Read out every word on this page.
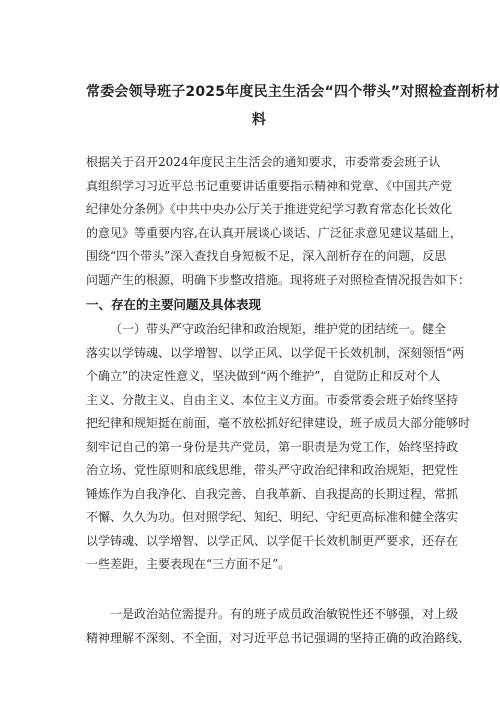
常委会领导班子2025年度民主生活会“四个带头”对照检查剖析材
料
根据关于召开2024年度民主生活会的通知要求，市委常委会班子认
真组织学习习近平总书记重要讲话重要指示精神和党章、《中国共产党
纪律处分条例》《中共中央办公厅关于推进党纪学习教育常态化长效化
的意见》等重要内容,在认真开展谈心谈话、广泛征求意见建议基础上，
围绕“四个带头”深入查找自身短板不足，深入剖析存在的问题，反思
问题产生的根源，明确下步整改措施。现将班子对照检查情况报告如下：
一、存在的主要问题及具体表现
（一）带头严守政治纪律和政治规矩，维护党的团结统一。健全
落实以学铸魂、以学增智、以学正风、以学促干长效机制，深刻领悟“两
个确立”的决定性意义，坚决做到“两个维护”，自觉防止和反对个人
主义、分散主义、自由主义、本位主义方面。市委常委会班子始终坚持
把纪律和规矩挺在前面，毫不放松抓好纪律建设，班子成员大部分能够时
刻牢记自己的第一身份是共产党员，第一职责是为党工作，始终坚持政
治立场、党性原则和底线思维，带头严守政治纪律和政治规矩，把党性
锤炼作为自我净化、自我完善、自我革新、自我提高的长期过程，常抓
不懈、久久为功。但对照学纪、知纪、明纪、守纪更高标准和健全落实
以学铸魂、以学增智、以学正风、以学促干长效机制更严要求，还存在
一些差距，主要表现在“三方面不足”。
一是政治站位需提升。有的班子成员政治敏锐性还不够强，对上级
精神理解不深刻、不全面，对习近平总书记强调的坚持正确的政治路线、
